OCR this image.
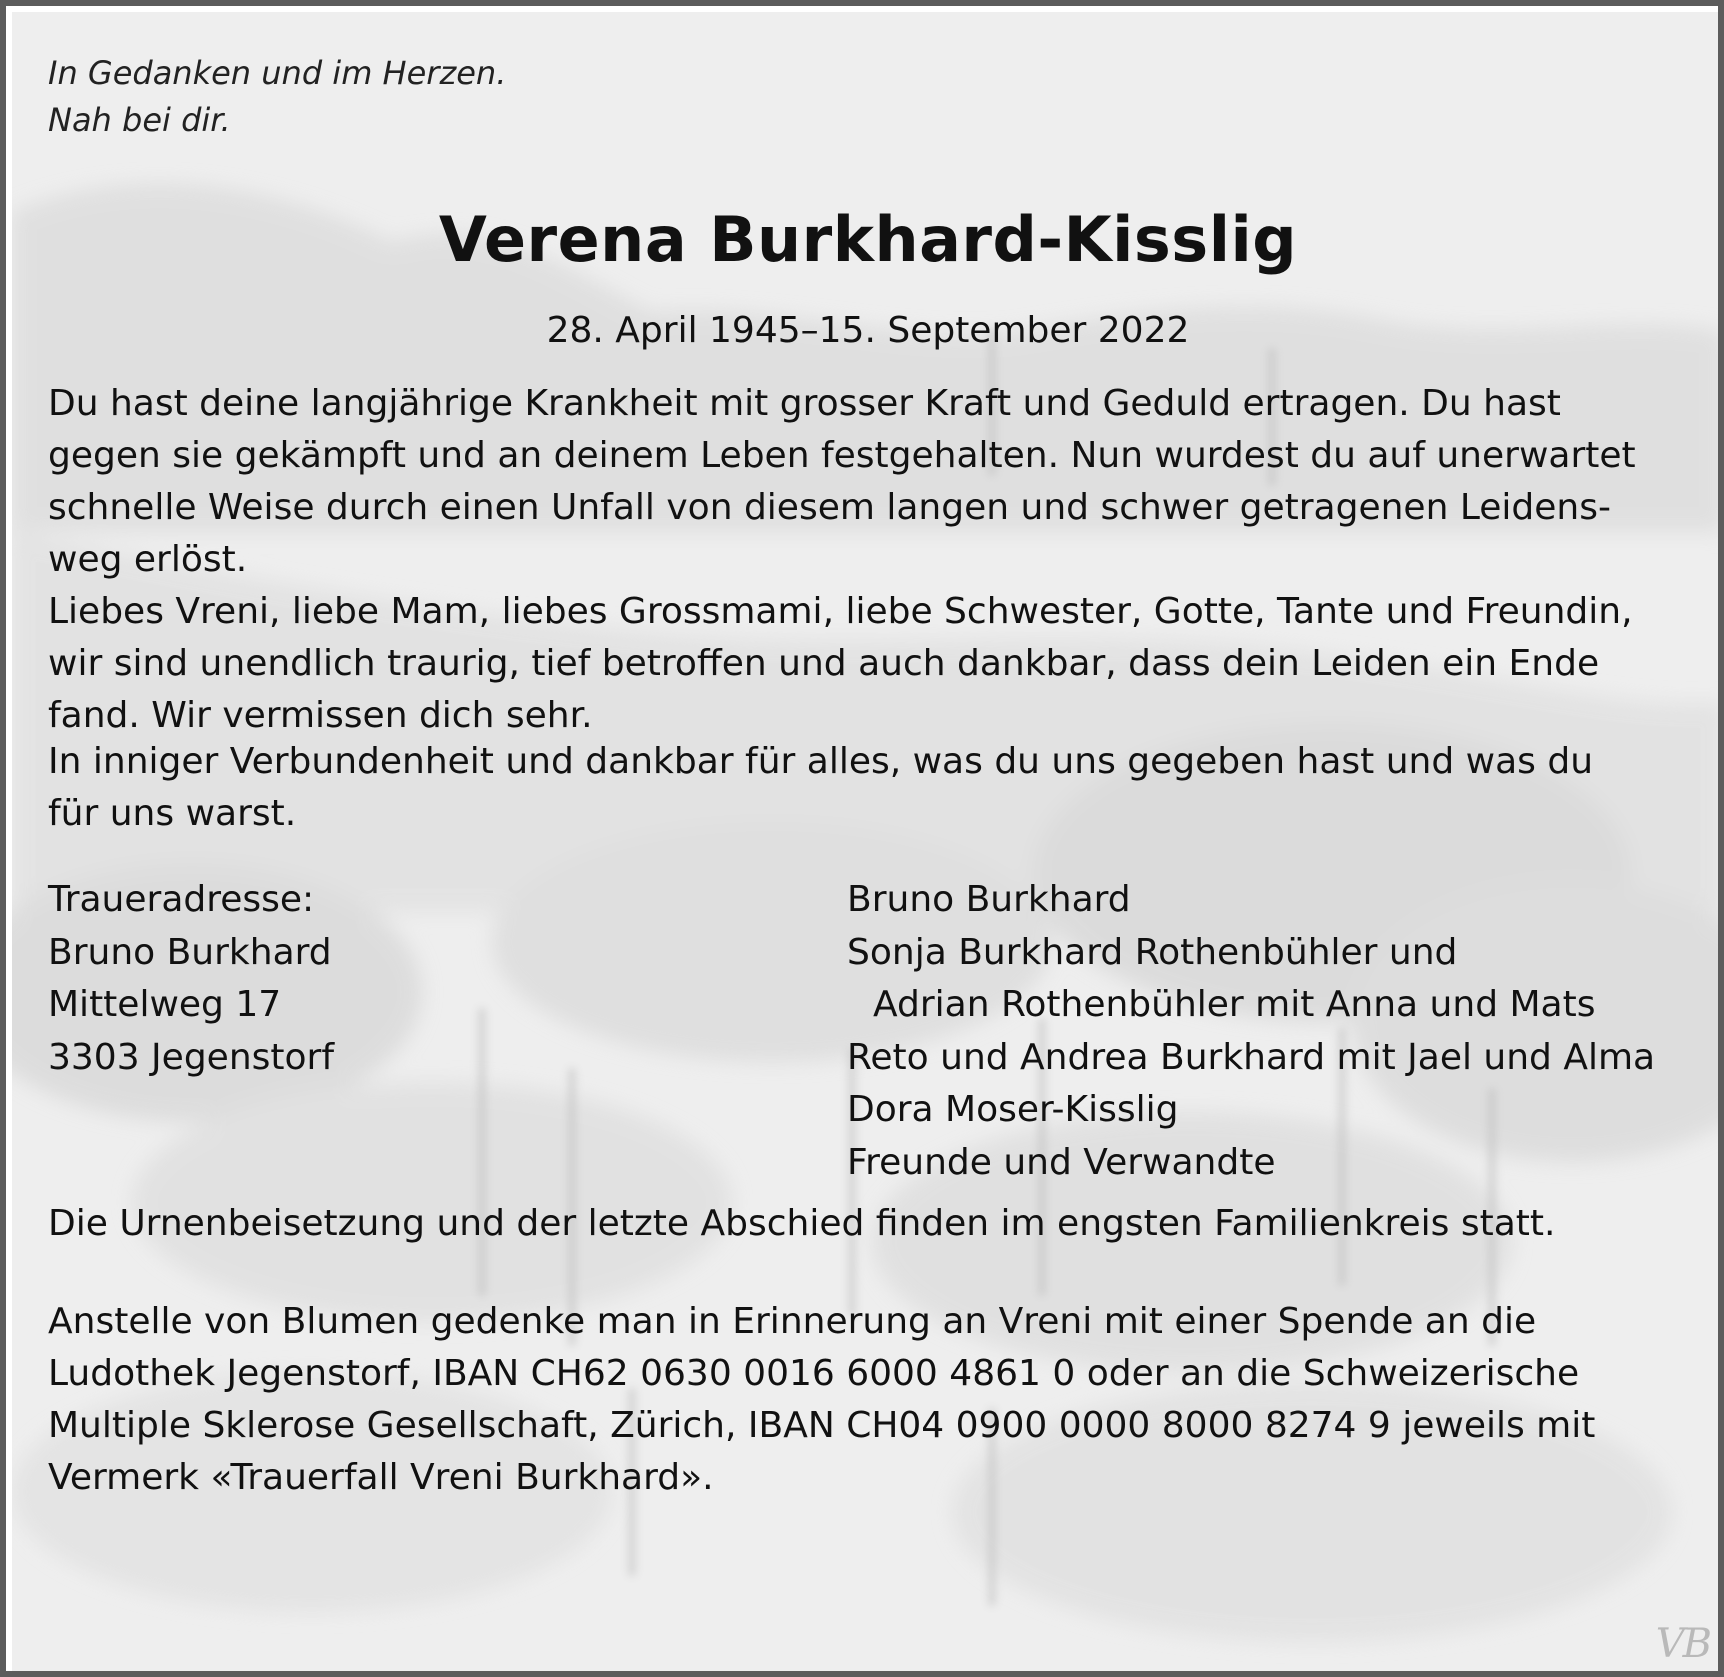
In Gedanken und im Herzen.
Nah bei dir.
Verena Burkhard-Kisslig
28. April 1945–15. September 2022
Du hast deine langjährige Krankheit mit grosser Kraft und Geduld ertragen. Du hast
gegen sie gekämpft und an deinem Leben festgehalten. Nun wurdest du auf unerwartet
schnelle Weise durch einen Unfall von diesem langen und schwer getragenen Leidens-
weg erlöst.
Liebes Vreni, liebe Mam, liebes Grossmami, liebe Schwester, Gotte, Tante und Freundin,
wir sind unendlich traurig, tief betroffen und auch dankbar, dass dein Leiden ein Ende
fand. Wir vermissen dich sehr.
In inniger Verbundenheit und dankbar für alles, was du uns gegeben hast und was du
für uns warst.
Traueradresse:
Bruno Burkhard
Mittelweg 17
3303 Jegenstorf
Bruno Burkhard
Sonja Burkhard Rothenbühler und
Adrian Rothenbühler mit Anna und Mats
Reto und Andrea Burkhard mit Jael und Alma
Dora Moser-Kisslig
Freunde und Verwandte
Die Urnenbeisetzung und der letzte Abschied finden im engsten Familienkreis statt.
Anstelle von Blumen gedenke man in Erinnerung an Vreni mit einer Spende an die
Ludothek Jegenstorf, IBAN CH62 0630 0016 6000 4861 0 oder an die Schweizerische
Multiple Sklerose Gesellschaft, Zürich, IBAN CH04 0900 0000 8000 8274 9 jeweils mit
Vermerk «Trauerfall Vreni Burkhard».
VB
